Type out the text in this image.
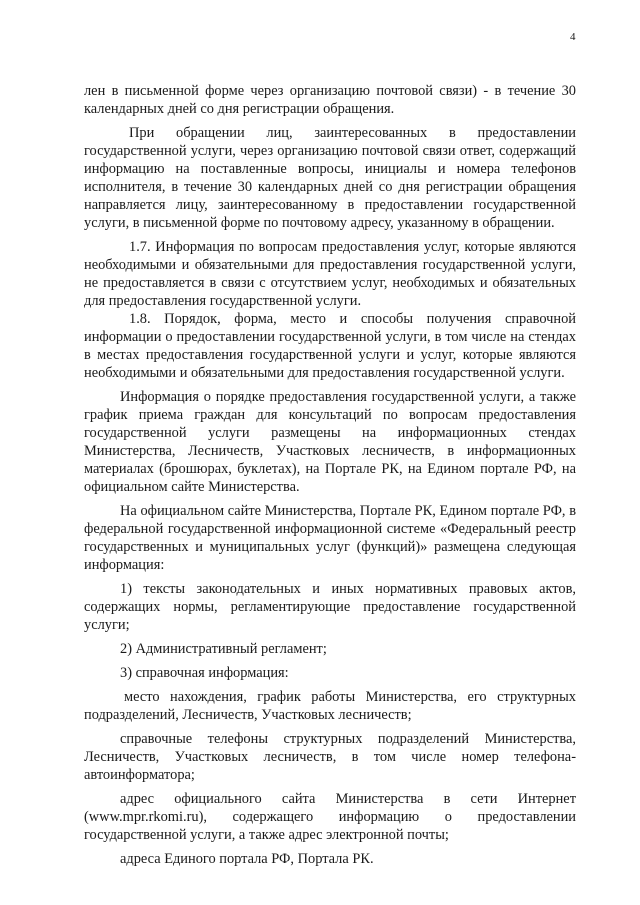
4

лен в письменной форме через организацию почтовой связи) - в течение 30 календарных дней со дня регистрации обращения.

При обращении лиц, заинтересованных в предоставлении государственной услуги, через организацию почтовой связи ответ, содержащий информацию на поставленные вопросы, инициалы и номера телефонов исполнителя, в течение 30 календарных дней со дня регистрации обращения направляется лицу, заинтересованному в предоставлении государственной услуги, в письменной форме по почтовому адресу, указанному в обращении.

1.7. Информация по вопросам предоставления услуг, которые являются необходимыми и обязательными для предоставления государственной услуги, не предоставляется в связи с отсутствием услуг, необходимых и обязательных для предоставления государственной услуги.

1.8. Порядок, форма, место и способы получения справочной информации о предоставлении государственной услуги, в том числе на стендах в местах предоставления государственной услуги и услуг, которые являются необходимыми и обязательными для предоставления государственной услуги.

Информация о порядке предоставления государственной услуги, а также график приема граждан для консультаций по вопросам предоставления государственной услуги размещены на информационных стендах Министерства, Лесничеств, Участковых лесничеств, в информационных материалах (брошюрах, буклетах), на Портале РК, на Едином портале РФ, на официальном сайте Министерства.

На официальном сайте Министерства, Портале РК, Едином портале РФ, в федеральной государственной информационной системе «Федеральный реестр государственных и муниципальных услуг (функций)» размещена следующая информация:

1) тексты законодательных и иных нормативных правовых актов, содержащих нормы, регламентирующие предоставление государственной услуги;

2) Административный регламент;

3) справочная информация:

место нахождения, график работы Министерства, его структурных подразделений, Лесничеств, Участковых лесничеств;

справочные телефоны структурных подразделений Министерства, Лесничеств, Участковых лесничеств, в том числе номер телефона-автоинформатора;

адрес официального сайта Министерства в сети Интернет (www.mpr.rkomi.ru), содержащего информацию о предоставлении государственной услуги, а также адрес электронной почты;

адреса Единого портала РФ, Портала РК.
